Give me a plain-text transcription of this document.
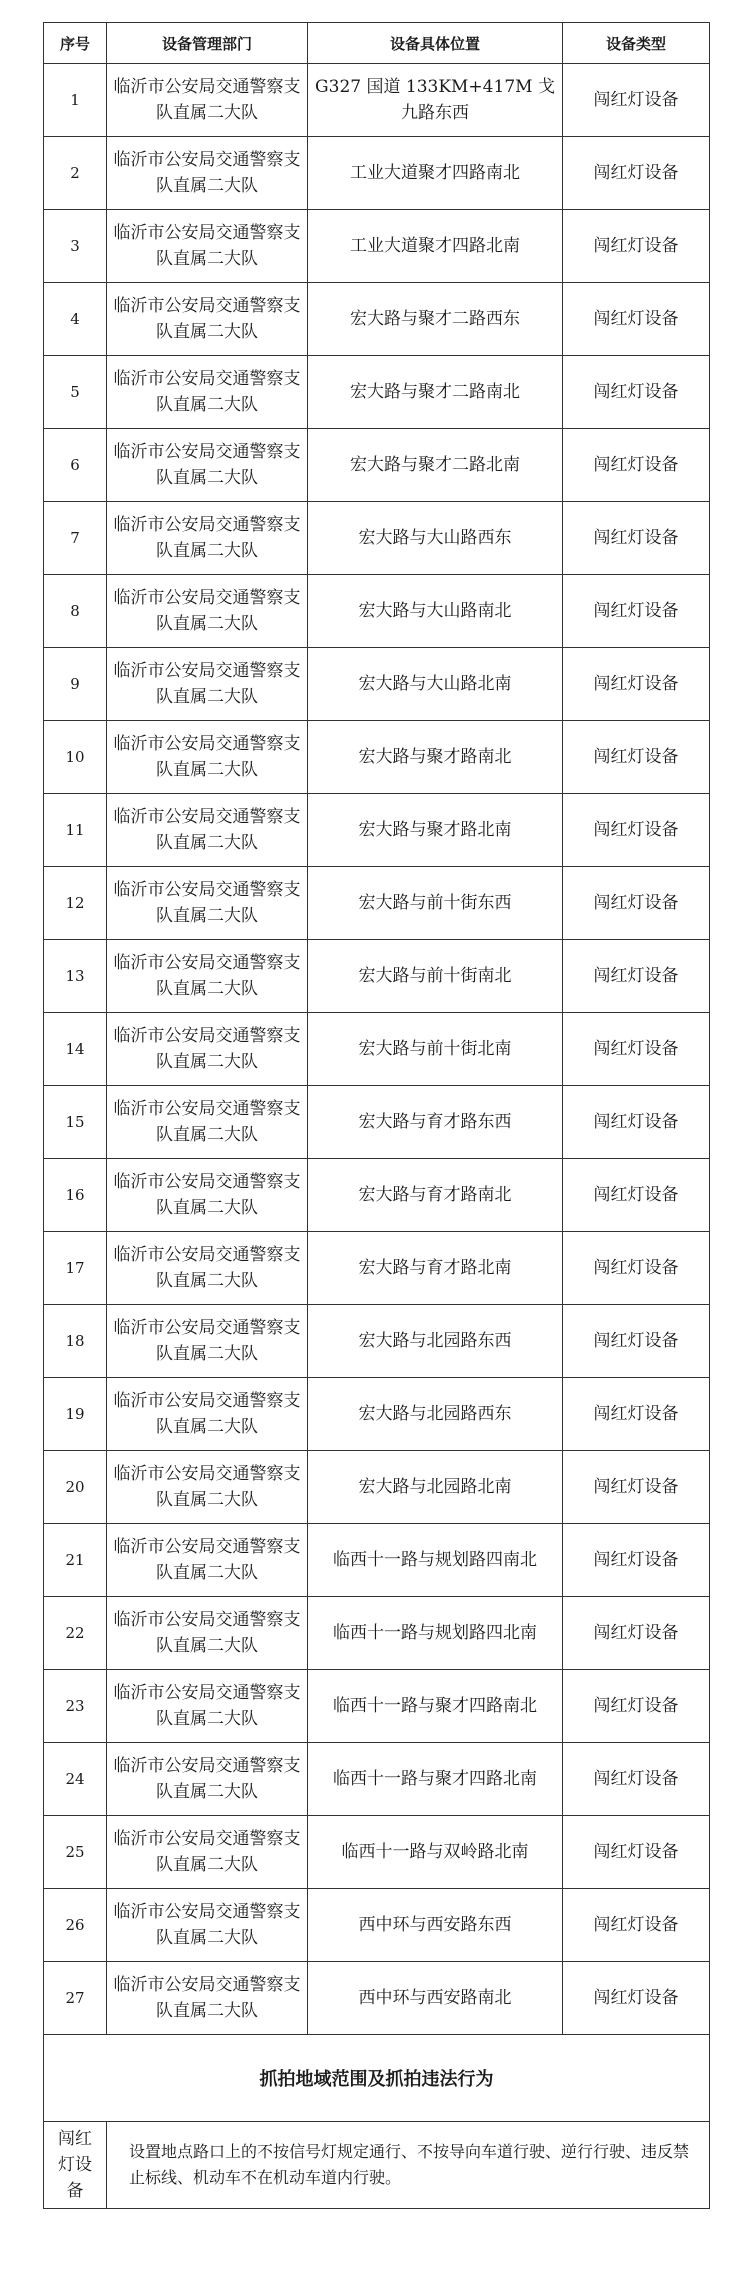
序号	设备管理部门	设备具体位置	设备类型
1	临沂市公安局交通警察支队直属二大队	G327 国道 133KM+417M 戈九路东西	闯红灯设备
2	临沂市公安局交通警察支队直属二大队	工业大道聚才四路南北	闯红灯设备
3	临沂市公安局交通警察支队直属二大队	工业大道聚才四路北南	闯红灯设备
4	临沂市公安局交通警察支队直属二大队	宏大路与聚才二路西东	闯红灯设备
5	临沂市公安局交通警察支队直属二大队	宏大路与聚才二路南北	闯红灯设备
6	临沂市公安局交通警察支队直属二大队	宏大路与聚才二路北南	闯红灯设备
7	临沂市公安局交通警察支队直属二大队	宏大路与大山路西东	闯红灯设备
8	临沂市公安局交通警察支队直属二大队	宏大路与大山路南北	闯红灯设备
9	临沂市公安局交通警察支队直属二大队	宏大路与大山路北南	闯红灯设备
10	临沂市公安局交通警察支队直属二大队	宏大路与聚才路南北	闯红灯设备
11	临沂市公安局交通警察支队直属二大队	宏大路与聚才路北南	闯红灯设备
12	临沂市公安局交通警察支队直属二大队	宏大路与前十街东西	闯红灯设备
13	临沂市公安局交通警察支队直属二大队	宏大路与前十街南北	闯红灯设备
14	临沂市公安局交通警察支队直属二大队	宏大路与前十街北南	闯红灯设备
15	临沂市公安局交通警察支队直属二大队	宏大路与育才路东西	闯红灯设备
16	临沂市公安局交通警察支队直属二大队	宏大路与育才路南北	闯红灯设备
17	临沂市公安局交通警察支队直属二大队	宏大路与育才路北南	闯红灯设备
18	临沂市公安局交通警察支队直属二大队	宏大路与北园路东西	闯红灯设备
19	临沂市公安局交通警察支队直属二大队	宏大路与北园路西东	闯红灯设备
20	临沂市公安局交通警察支队直属二大队	宏大路与北园路北南	闯红灯设备
21	临沂市公安局交通警察支队直属二大队	临西十一路与规划路四南北	闯红灯设备
22	临沂市公安局交通警察支队直属二大队	临西十一路与规划路四北南	闯红灯设备
23	临沂市公安局交通警察支队直属二大队	临西十一路与聚才四路南北	闯红灯设备
24	临沂市公安局交通警察支队直属二大队	临西十一路与聚才四路北南	闯红灯设备
25	临沂市公安局交通警察支队直属二大队	临西十一路与双岭路北南	闯红灯设备
26	临沂市公安局交通警察支队直属二大队	西中环与西安路东西	闯红灯设备
27	临沂市公安局交通警察支队直属二大队	西中环与西安路南北	闯红灯设备
抓拍地域范围及抓拍违法行为			
闯红灯设备	设置地点路口上的不按信号灯规定通行、不按导向车道行驶、逆行行驶、违反禁止标线、机动车不在机动车道内行驶。		
